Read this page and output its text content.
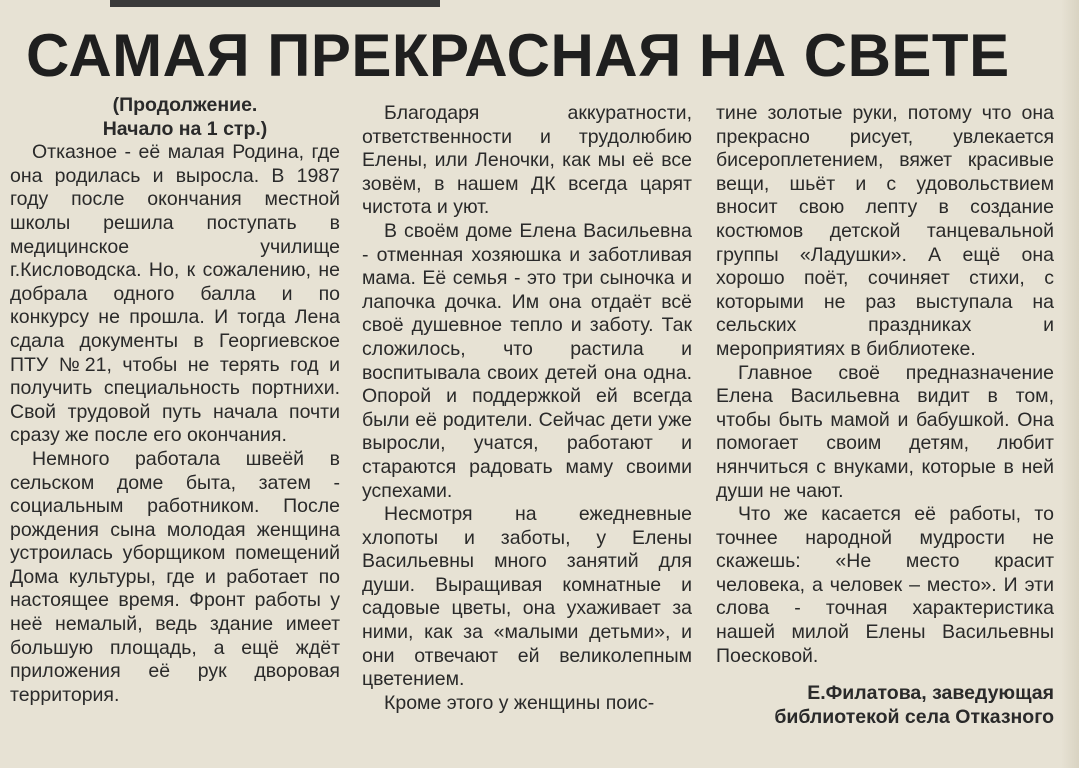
САМАЯ ПРЕКРАСНАЯ НА СВЕТЕ

(Продолжение.
Начало на 1 стр.)

Отказное - её малая Родина, где она родилась и выросла. В 1987 году после окончания местной школы решила поступать в медицинское училище г.Кисловодска. Но, к сожалению, не добрала одного балла и по конкурсу не прошла. И тогда Лена сдала документы в Георгиевское ПТУ №21, чтобы не терять год и получить специальность портнихи. Свой трудовой путь начала почти сразу же после его окончания.

Немного работала швеёй в сельском доме быта, затем - социальным работником. После рождения сына молодая женщина устроилась уборщиком помещений Дома культуры, где и работает по настоящее время. Фронт работы у неё немалый, ведь здание имеет большую площадь, а ещё ждёт приложения её рук дворовая территория.

Благодаря аккуратности, ответственности и трудолюбию Елены, или Леночки, как мы её все зовём, в нашем ДК всегда царят чистота и уют.

В своём доме Елена Васильевна - отменная хозяюшка и заботливая мама. Её семья - это три сыночка и лапочка дочка. Им она отдаёт всё своё душевное тепло и заботу. Так сложилось, что растила и воспитывала своих детей она одна. Опорой и поддержкой ей всегда были её родители. Сейчас дети уже выросли, учатся, работают и стараются радовать маму своими успехами.

Несмотря на ежедневные хлопоты и заботы, у Елены Васильевны много занятий для души. Выращивая комнатные и садовые цветы, она ухаживает за ними, как за «малыми детьми», и они отвечают ей великолепным цветением.

Кроме этого у женщины поис-

тине золотые руки, потому что она прекрасно рисует, увлекается бисероплетением, вяжет красивые вещи, шьёт и с удовольствием вносит свою лепту в создание костюмов детской танцевальной группы «Ладушки». А ещё она хорошо поёт, сочиняет стихи, с которыми не раз выступала на сельских праздниках и мероприятиях в библиотеке.

Главное своё предназначение Елена Васильевна видит в том, чтобы быть мамой и бабушкой. Она помогает своим детям, любит нянчиться с внуками, которые в ней души не чают.

Что же касается её работы, то точнее народной мудрости не скажешь: «Не место красит человека, а человек – место». И эти слова - точная характеристика нашей милой Елены Васильевны Поесковой.

Е.Филатова, заведующая
библиотекой села Отказного
